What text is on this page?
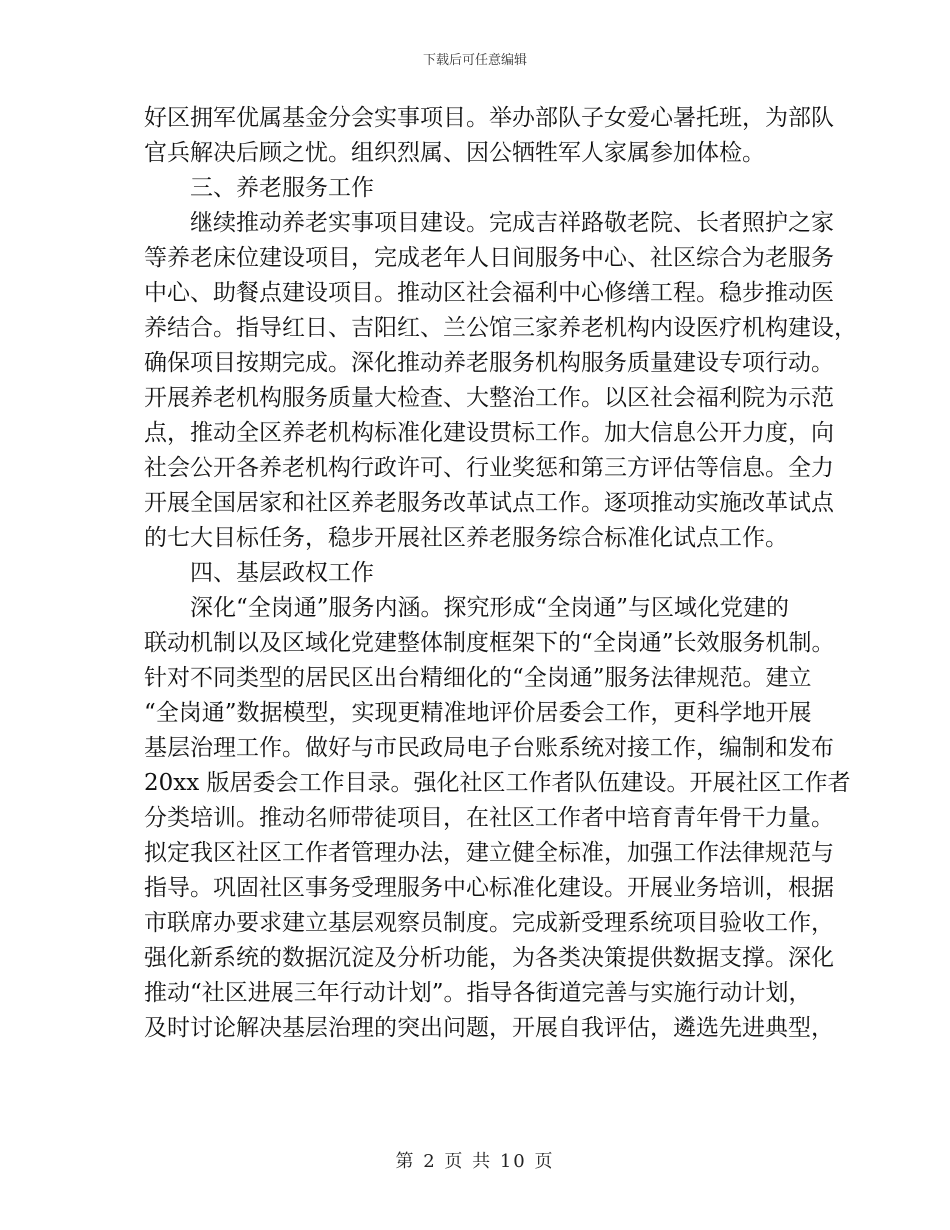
下载后可任意编辑
好区拥军优属基金分会实事项目。举办部队子女爱心暑托班，为部队
官兵解决后顾之忧。组织烈属、因公牺牲军人家属参加体检。
三、养老服务工作
继续推动养老实事项目建设。完成吉祥路敬老院、长者照护之家
等养老床位建设项目，完成老年人日间服务中心、社区综合为老服务
中心、助餐点建设项目。推动区社会福利中心修缮工程。稳步推动医
养结合。指导红日、吉阳红、兰公馆三家养老机构内设医疗机构建设，
确保项目按期完成。深化推动养老服务机构服务质量建设专项行动。
开展养老机构服务质量大检查、大整治工作。以区社会福利院为示范
点，推动全区养老机构标准化建设贯标工作。加大信息公开力度，向
社会公开各养老机构行政许可、行业奖惩和第三方评估等信息。全力
开展全国居家和社区养老服务改革试点工作。逐项推动实施改革试点
的七大目标任务，稳步开展社区养老服务综合标准化试点工作。
四、基层政权工作
深化“全岗通”服务内涵。探究形成“全岗通”与区域化党建的
联动机制以及区域化党建整体制度框架下的“全岗通”长效服务机制。
针对不同类型的居民区出台精细化的“全岗通”服务法律规范。建立
“全岗通”数据模型，实现更精准地评价居委会工作，更科学地开展
基层治理工作。做好与市民政局电子台账系统对接工作，编制和发布
20xx 版居委会工作目录。强化社区工作者队伍建设。开展社区工作者
分类培训。推动名师带徒项目，在社区工作者中培育青年骨干力量。
拟定我区社区工作者管理办法，建立健全标准，加强工作法律规范与
指导。巩固社区事务受理服务中心标准化建设。开展业务培训，根据
市联席办要求建立基层观察员制度。完成新受理系统项目验收工作，
强化新系统的数据沉淀及分析功能，为各类决策提供数据支撑。深化
推动“社区进展三年行动计划”。指导各街道完善与实施行动计划，
及时讨论解决基层治理的突出问题，开展自我评估，遴选先进典型，
第 2 页 共 10 页
